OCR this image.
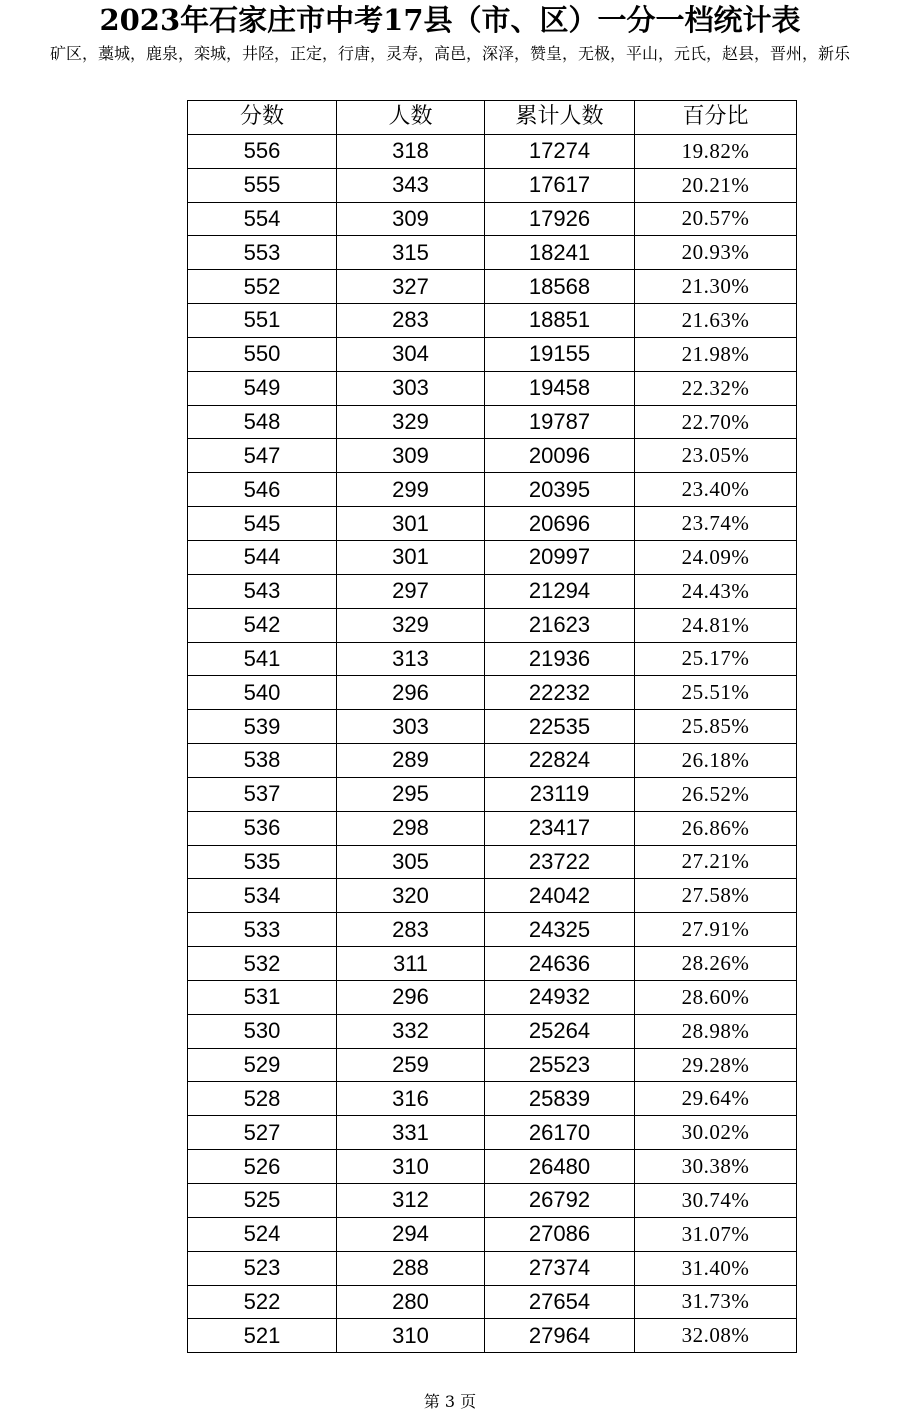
2023年石家庄市中考17县（市、区）一分一档统计表
矿区，藁城，鹿泉，栾城，井陉，正定，行唐，灵寿，高邑，深泽，赞皇，无极，平山，元氏，赵县，晋州，新乐
分数	人数	累计人数	百分比
556	318	17274	19.82%
555	343	17617	20.21%
554	309	17926	20.57%
553	315	18241	20.93%
552	327	18568	21.30%
551	283	18851	21.63%
550	304	19155	21.98%
549	303	19458	22.32%
548	329	19787	22.70%
547	309	20096	23.05%
546	299	20395	23.40%
545	301	20696	23.74%
544	301	20997	24.09%
543	297	21294	24.43%
542	329	21623	24.81%
541	313	21936	25.17%
540	296	22232	25.51%
539	303	22535	25.85%
538	289	22824	26.18%
537	295	23119	26.52%
536	298	23417	26.86%
535	305	23722	27.21%
534	320	24042	27.58%
533	283	24325	27.91%
532	311	24636	28.26%
531	296	24932	28.60%
530	332	25264	28.98%
529	259	25523	29.28%
528	316	25839	29.64%
527	331	26170	30.02%
526	310	26480	30.38%
525	312	26792	30.74%
524	294	27086	31.07%
523	288	27374	31.40%
522	280	27654	31.73%
521	310	27964	32.08%
第 3 页
